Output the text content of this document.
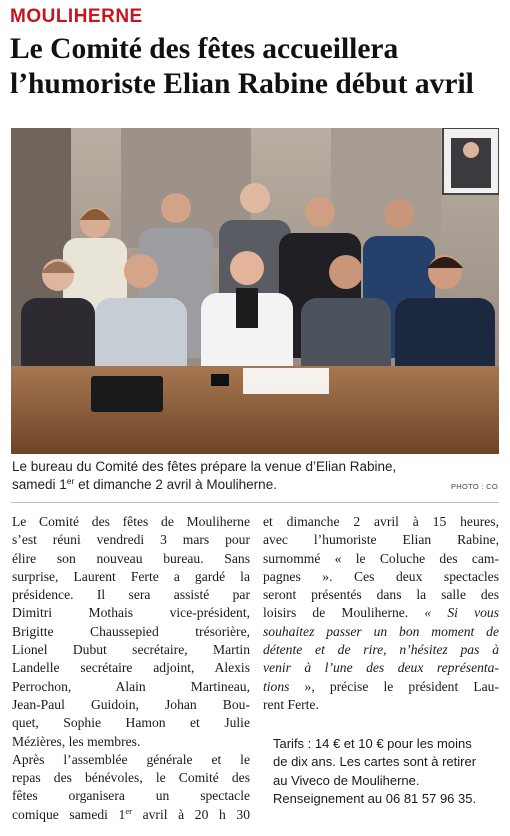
MOULIHERNE
Le Comité des fêtes accueillera
l’humoriste Elian Rabine début avril
Le bureau du Comité des fêtes prépare la venue d’Elian Rabine,
samedi 1er et dimanche 2 avril à Mouliherne.	PHOTO : CO
Le Comité des fêtes de Mouliherne
s’est réuni vendredi 3 mars pour
élire son nouveau bureau. Sans
surprise, Laurent Ferte a gardé la
présidence. Il sera assisté par
Dimitri Mothais vice-président,
Brigitte Chaussepied trésorière,
Lionel Dubut secrétaire, Martin
Landelle secrétaire adjoint, Alexis
Perrochon, Alain Martineau,
Jean-Paul Guidoin, Johan Bou-
quet, Sophie Hamon et Julie
Mézières, les membres.
Après l’assemblée générale et le
repas des bénévoles, le Comité des
fêtes organisera un spectacle
comique samedi 1er avril à 20 h 30
et dimanche 2 avril à 15 heures,
avec l’humoriste Elian Rabine,
surnommé « le Coluche des cam-
pagnes ». Ces deux spectacles
seront présentés dans la salle des
loisirs de Mouliherne. « Si vous
souhaitez passer un bon moment de
détente et de rire, n’hésitez pas à
venir à l’une des deux représenta-
tions », précise le président Lau-
rent Ferte.
Tarifs : 14 € et 10 € pour les moins
de dix ans. Les cartes sont à retirer
au Viveco de Mouliherne.
Renseignement au 06 81 57 96 35.
